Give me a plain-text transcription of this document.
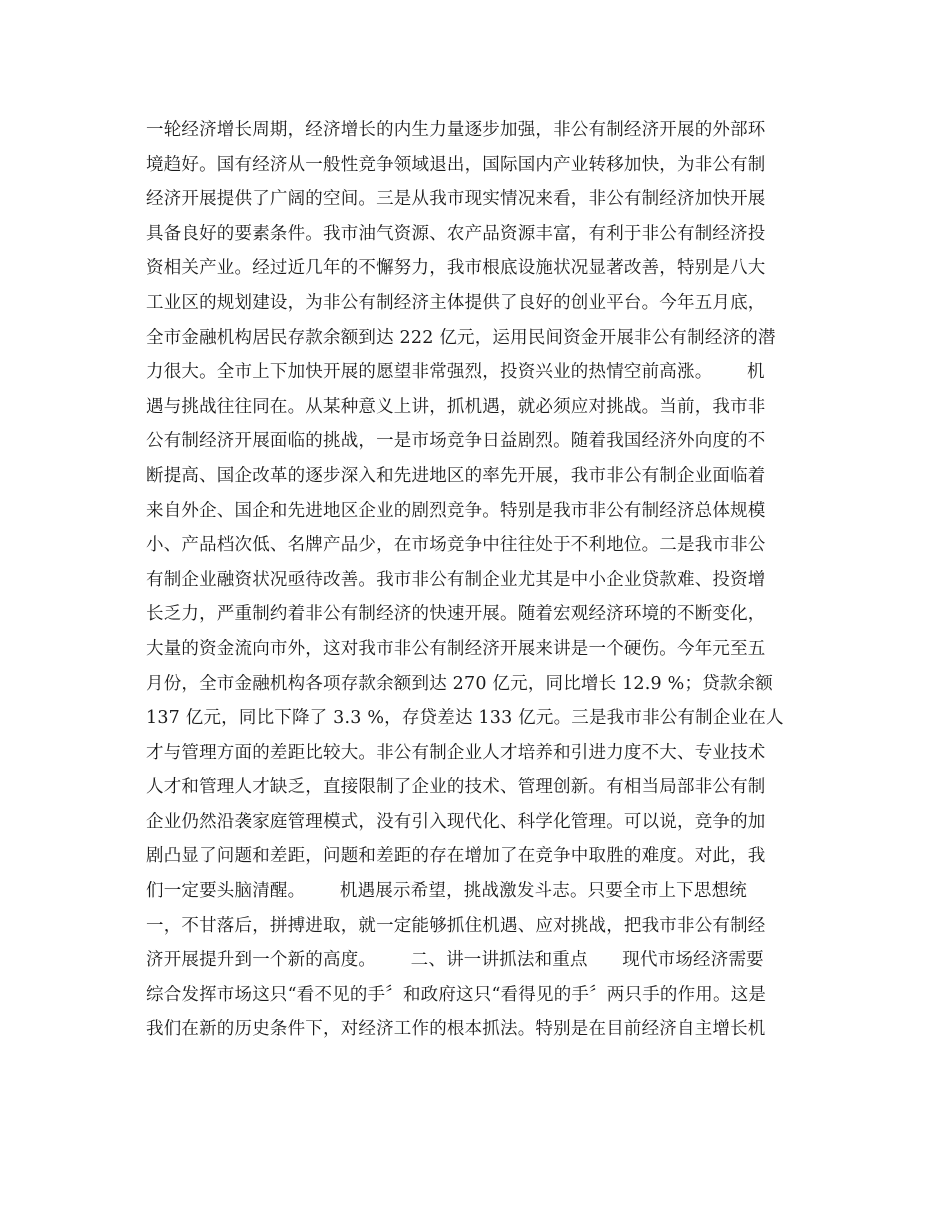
一轮经济增长周期，经济增长的内生力量逐步加强，非公有制经济开展的外部环
境趋好。国有经济从一般性竞争领域退出，国际国内产业转移加快，为非公有制
经济开展提供了广阔的空间。三是从我市现实情况来看，非公有制经济加快开展
具备良好的要素条件。我市油气资源、农产品资源丰富，有利于非公有制经济投
资相关产业。经过近几年的不懈努力，我市根底设施状况显著改善，特别是八大
工业区的规划建设，为非公有制经济主体提供了良好的创业平台。今年五月底，
全市金融机构居民存款余额到达 222 亿元，运用民间资金开展非公有制经济的潜
力很大。全市上下加快开展的愿望非常强烈，投资兴业的热情空前高涨。      机
遇与挑战往往同在。从某种意义上讲，抓机遇，就必须应对挑战。当前，我市非
公有制经济开展面临的挑战，一是市场竞争日益剧烈。随着我国经济外向度的不
断提高、国企改革的逐步深入和先进地区的率先开展，我市非公有制企业面临着
来自外企、国企和先进地区企业的剧烈竞争。特别是我市非公有制经济总体规模
小、产品档次低、名牌产品少，在市场竞争中往往处于不利地位。二是我市非公
有制企业融资状况亟待改善。我市非公有制企业尤其是中小企业贷款难、投资增
长乏力，严重制约着非公有制经济的快速开展。随着宏观经济环境的不断变化，
大量的资金流向市外，这对我市非公有制经济开展来讲是一个硬伤。今年元至五
月份，全市金融机构各项存款余额到达 270 亿元，同比增长 12.9 %；贷款余额
137 亿元，同比下降了 3.3 %，存贷差达 133 亿元。三是我市非公有制企业在人
才与管理方面的差距比较大。非公有制企业人才培养和引进力度不大、专业技术
人才和管理人才缺乏，直接限制了企业的技术、管理创新。有相当局部非公有制
企业仍然沿袭家庭管理模式，没有引入现代化、科学化管理。可以说，竞争的加
剧凸显了问题和差距，问题和差距的存在增加了在竞争中取胜的难度。对此，我
们一定要头脑清醒。      机遇展示希望，挑战激发斗志。只要全市上下思想统
一，不甘落后，拼搏进取，就一定能够抓住机遇、应对挑战，把我市非公有制经
济开展提升到一个新的高度。      二、讲一讲抓法和重点      现代市场经济需要
综合发挥市场这只“看不见的手〞和政府这只“看得见的手〞两只手的作用。这是
我们在新的历史条件下，对经济工作的根本抓法。特别是在目前经济自主增长机
